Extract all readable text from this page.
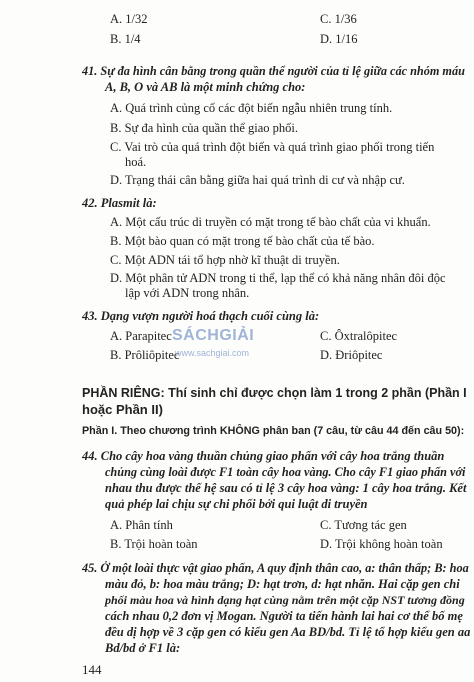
A. 1/32	C. 1/36
B. 1/4	D. 1/16
41. Sự đa hình cân bằng trong quần thể người của tỉ lệ giữa các nhóm máu
A, B, O và AB là một minh chứng cho:
A. Quá trình củng cố các đột biến ngẫu nhiên trung tính.
B. Sự đa hình của quần thể giao phối.
C. Vai trò của quá trình đột biến và quá trình giao phối trong tiến
hoá.
D. Trạng thái cân bằng giữa hai quá trình di cư và nhập cư.
42. Plasmit là:
A. Một cấu trúc di truyền có mặt trong tế bào chất của vi khuẩn.
B. Một bào quan có mặt trong tế bào chất của tế bào.
C. Một ADN tái tổ hợp nhờ kĩ thuật di truyền.
D. Một phân tử ADN trong ti thể, lạp thể có khả năng nhân đôi độc
lập với ADN trong nhân.
43. Dạng vượn người hoá thạch cuối cùng là:
A. Parapitec	C. Ôxtralôpitec
B. Prôliôpitec	D. Đriôpitec
SÁCHGIẢI
www.sachgiai.com
PHẦN RIÊNG: Thí sinh chỉ được chọn làm 1 trong 2 phần (Phần I
hoặc Phần II)
Phần I. Theo chương trình KHÔNG phân ban (7 câu, từ câu 44 đến câu 50):
44. Cho cây hoa vàng thuần chủng giao phấn với cây hoa trắng thuần
chủng cùng loài được F1 toàn cây hoa vàng. Cho cây F1 giao phấn với
nhau thu được thế hệ sau có tỉ lệ 3 cây hoa vàng: 1 cây hoa trắng. Kết
quả phép lai chịu sự chi phối bởi qui luật di truyền
A. Phân tính	C. Tương tác gen
B. Trội hoàn toàn	D. Trội không hoàn toàn
45. Ở một loài thực vật giao phấn, A quy định thân cao, a: thân thấp; B: hoa
màu đỏ, b: hoa màu trắng; D: hạt trơn, d: hạt nhăn. Hai cặp gen chi
phối màu hoa và hình dạng hạt cùng nằm trên một cặp NST tương đồng
cách nhau 0,2 đơn vị Mogan. Người ta tiến hành lai hai cơ thể bố mẹ
đều dị hợp về 3 cặp gen có kiểu gen Aa BD/bd. Tỉ lệ tổ hợp kiểu gen aa
Bd/bd ở F1 là:
144
